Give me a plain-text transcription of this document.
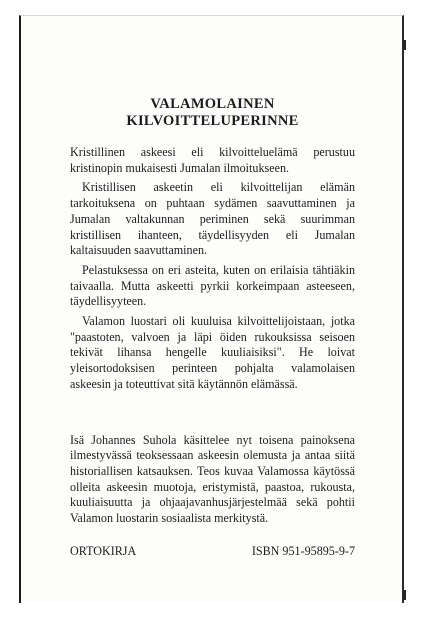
VALAMOLAINEN
KILVOITTELUPERINNE

Kristillinen askeesi eli kilvoitteluelämä perustuu kristinopin mukaisesti Jumalan ilmoitukseen.

Kristillisen askeetin eli kilvoittelijan elämän tarkoituksena on puhtaan sydämen saavuttaminen ja Jumalan valtakunnan periminen sekä suurimman kristillisen ihanteen, täydellisyyden eli Jumalan kaltaisuuden saavuttaminen.

Pelastuksessa on eri asteita, kuten on erilaisia tähtiäkin taivaalla. Mutta askeetti pyrkii korkeimpaan asteeseen, täydellisyyteen.

Valamon luostari oli kuuluisa kilvoittelijoistaan, jotka "paastoten, valvoen ja läpi öiden rukouksissa seisoen tekivät lihansa hengelle kuuliaisiksi". He loivat yleisortodoksisen perinteen pohjalta valamolaisen askeesin ja toteuttivat sitä käytännön elämässä.

Isä Johannes Suhola käsittelee nyt toisena painoksena ilmestyvässä teoksessaan askeesin olemusta ja antaa siitä historiallisen katsauksen. Teos kuvaa Valamossa käytössä olleita askeesin muotoja, eristymistä, paastoa, rukousta, kuuliaisuutta ja ohjaajavanhusjärjestelmää sekä pohtii Valamon luostarin sosiaalista merkitystä.

ORTOKIRJA	ISBN 951-95895-9-7
